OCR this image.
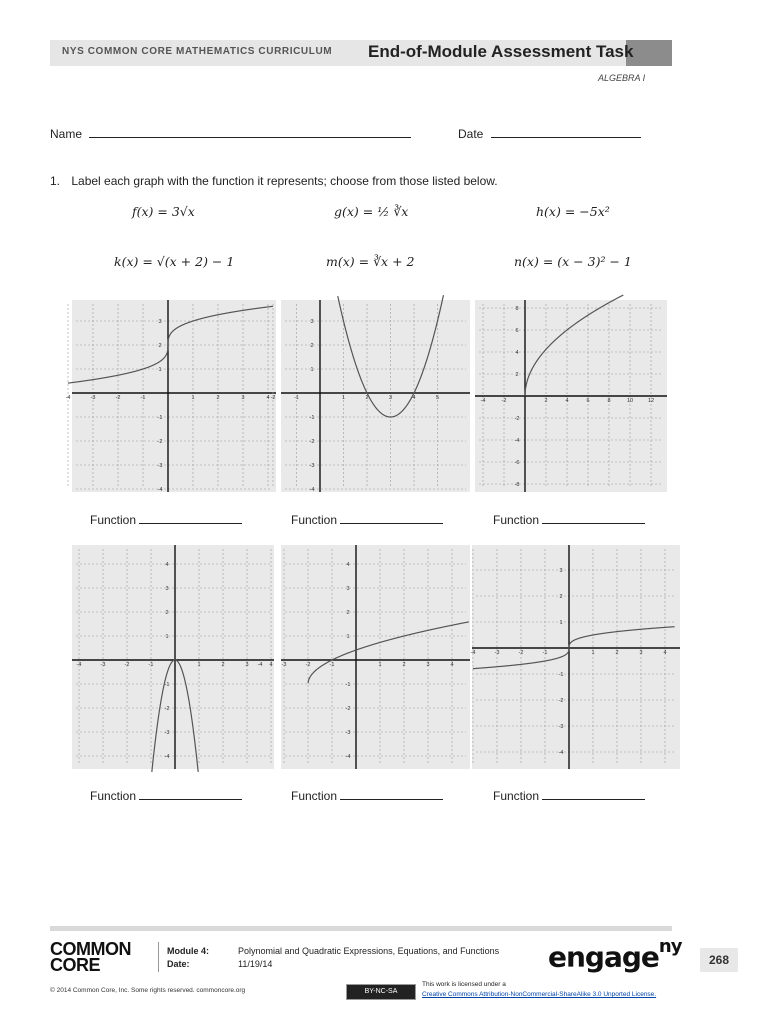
NYS COMMON CORE MATHEMATICS CURRICULUM End-of-Module Assessment Task
ALGEBRA I
Name	Date
1. Label each graph with the function it represents; choose from those listed below.
f(x) = 3√x	g(x) = ½ ∛x	h(x) = −5x²
k(x) = √(x + 2) − 1	m(x) = ∛x + 2	n(x) = (x − 3)² − 1
-4	-3	-2	-1	1	2	3	4
3
2
1
-1
-2
-3
-4
-2	-1	1	2	3	4	5
3
2
1
-1
-2
-3
-4
-4	-2	2	4	6	8	10	12
8
6
4
2
-2
-4
-6
-8
Function	Function	Function
-4	-3	-2	-1	1	2	3	4
4
3
2
1
-1
-2
-3
-4
-4	-3	-2	-1	1	2	3	4
4
3
2
1
-1
-2
-3
-4
-4	-3	-2	-1	1	2	3	4
3
2
1
-1
-2
-3
-4
Function	Function	Function
COMMON
CORE
Module 4:
Date:
Polynomial and Quadratic Expressions, Equations, and Functions
11/19/14	engage$^{ny}$
268
© 2014 Common Core, Inc. Some rights reserved. commoncore.org	BY-NC-SA
This work is licensed under a
Creative Commons Attribution-NonCommercial-ShareAlike 3.0 Unported License.
